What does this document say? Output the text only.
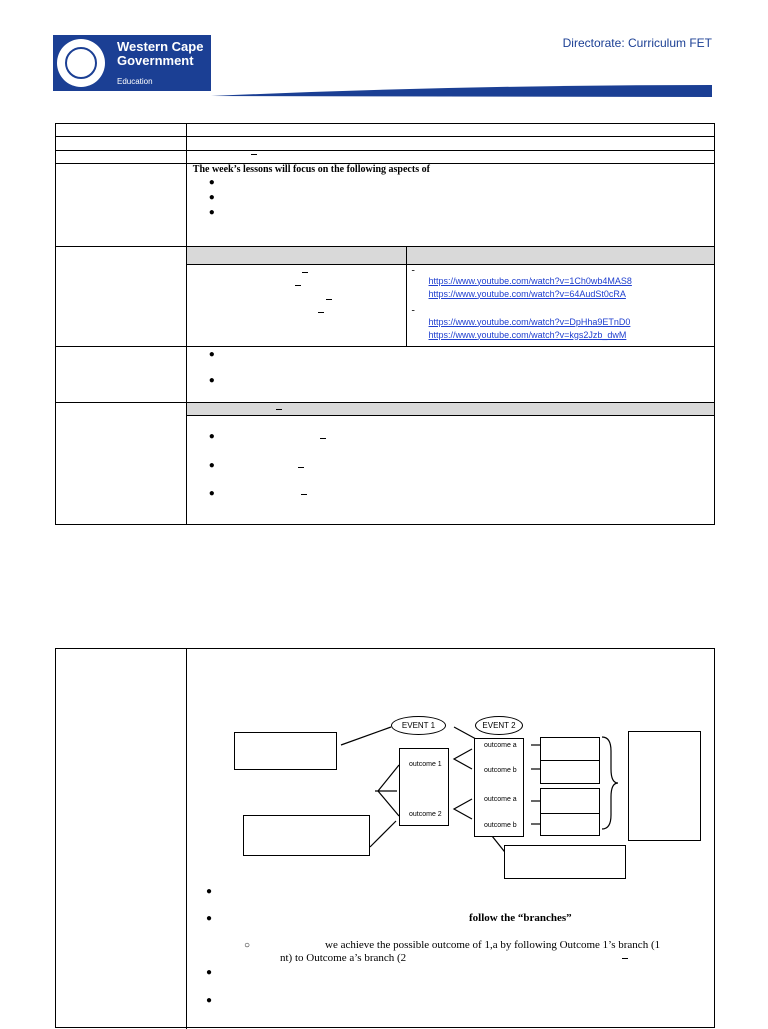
Western Cape
Government
Education
Directorate: Curriculum FET

The week’s lessons will focus on the following aspects of
●
●
●

-
https://www.youtube.com/watch?v=1Ch0wb4MAS8
https://www.youtube.com/watch?v=64AudSt0cRA
-
https://www.youtube.com/watch?v=DpHha9ETnD0
https://www.youtube.com/watch?v=kgs2Jzb_dwM

●
●

●
●
●
EVENT 1	EVENT 2
outcome 1
outcome 2
outcome a
outcome b
outcome a
outcome b
●
●	follow the “branches”
○	we achieve the possible outcome of 1,a by following Outcome 1’s branch (1
nt) to Outcome a’s branch (2
●
●
